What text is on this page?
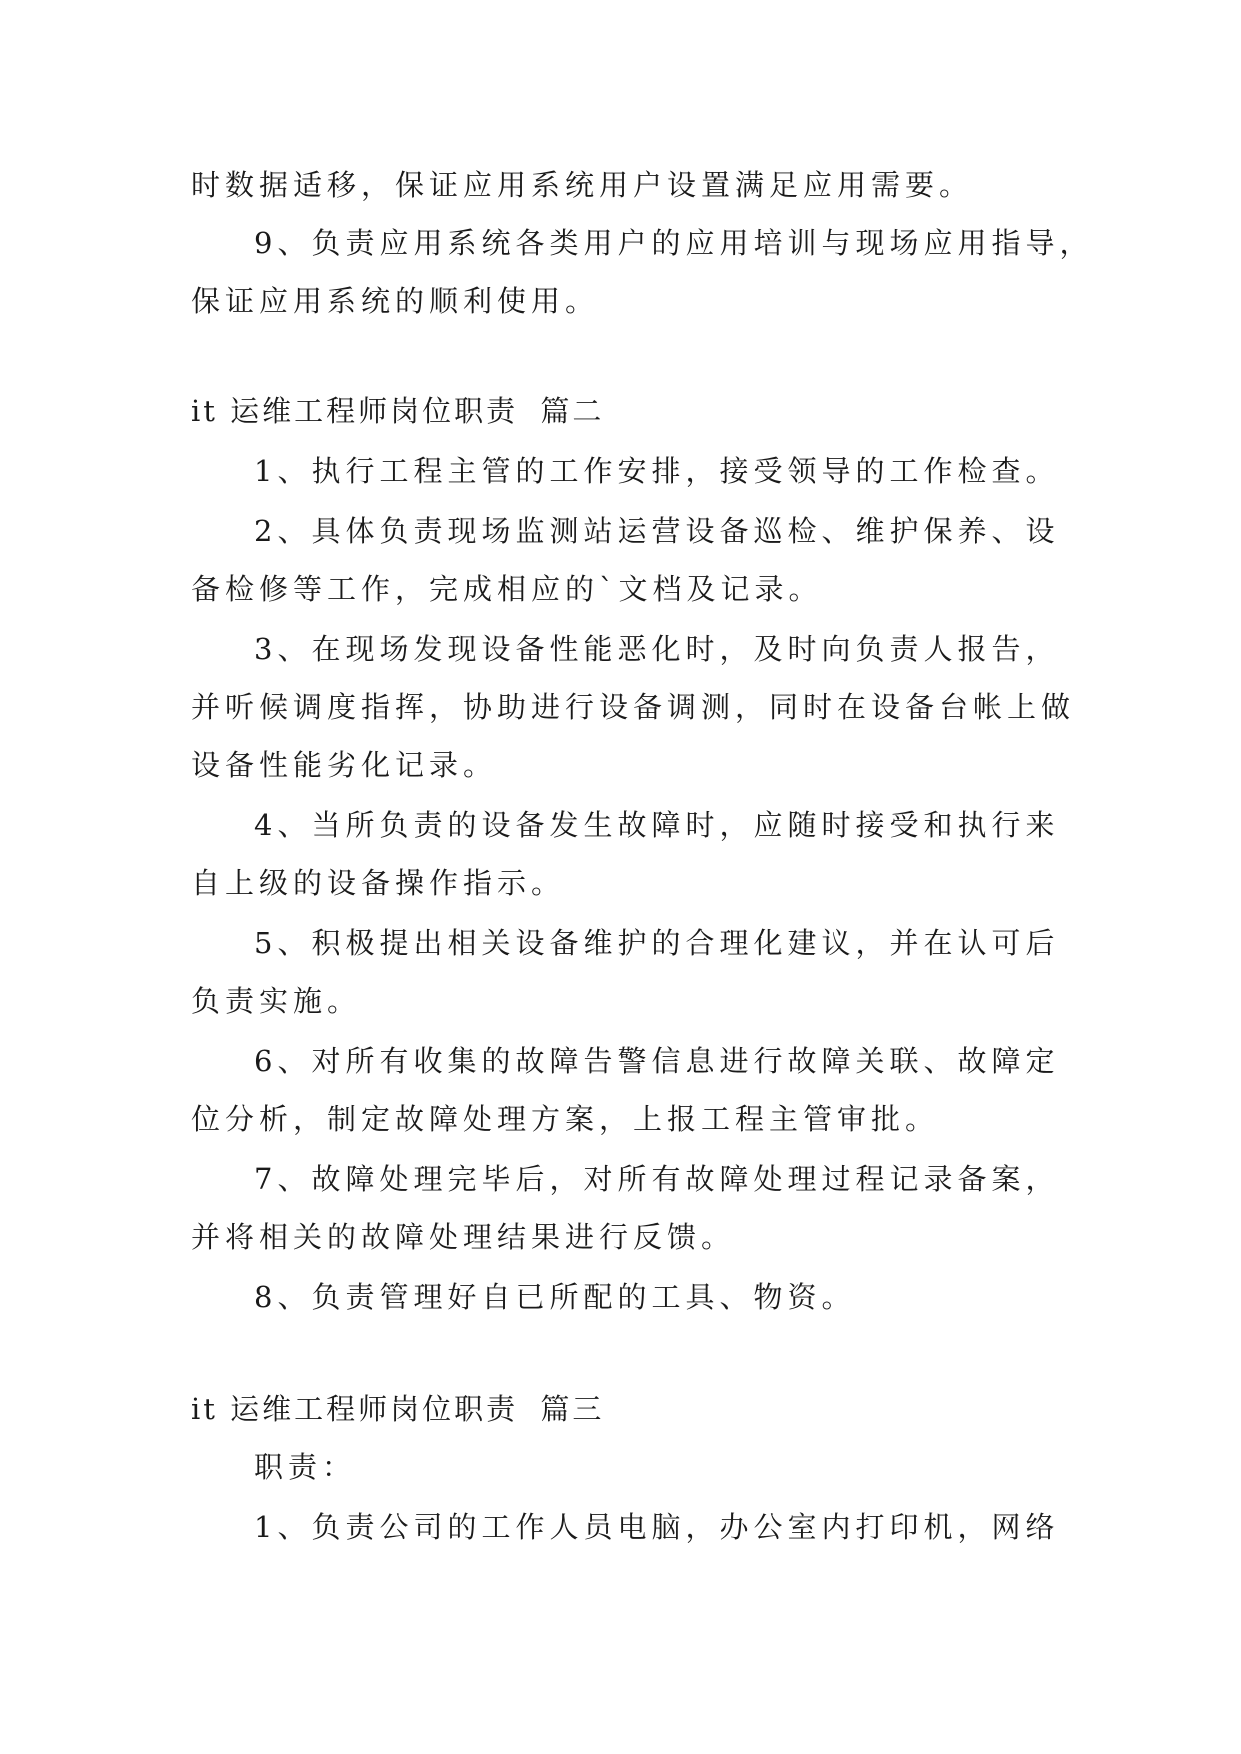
时数据适移，保证应用系统用户设置满足应用需要。
9、负责应用系统各类用户的应用培训与现场应用指导，
保证应用系统的顺利使用。
it 运维工程师岗位职责 篇二
1、执行工程主管的工作安排，接受领导的工作检查。
2、具体负责现场监测站运营设备巡检、维护保养、设
备检修等工作，完成相应的`文档及记录。
3、在现场发现设备性能恶化时，及时向负责人报告，
并听候调度指挥，协助进行设备调测，同时在设备台帐上做
设备性能劣化记录。
4、当所负责的设备发生故障时，应随时接受和执行来
自上级的设备操作指示。
5、积极提出相关设备维护的合理化建议，并在认可后
负责实施。
6、对所有收集的故障告警信息进行故障关联、故障定
位分析，制定故障处理方案，上报工程主管审批。
7、故障处理完毕后，对所有故障处理过程记录备案，
并将相关的故障处理结果进行反馈。
8、负责管理好自已所配的工具、物资。
it 运维工程师岗位职责 篇三
职责：
1、负责公司的工作人员电脑，办公室内打印机，网络
